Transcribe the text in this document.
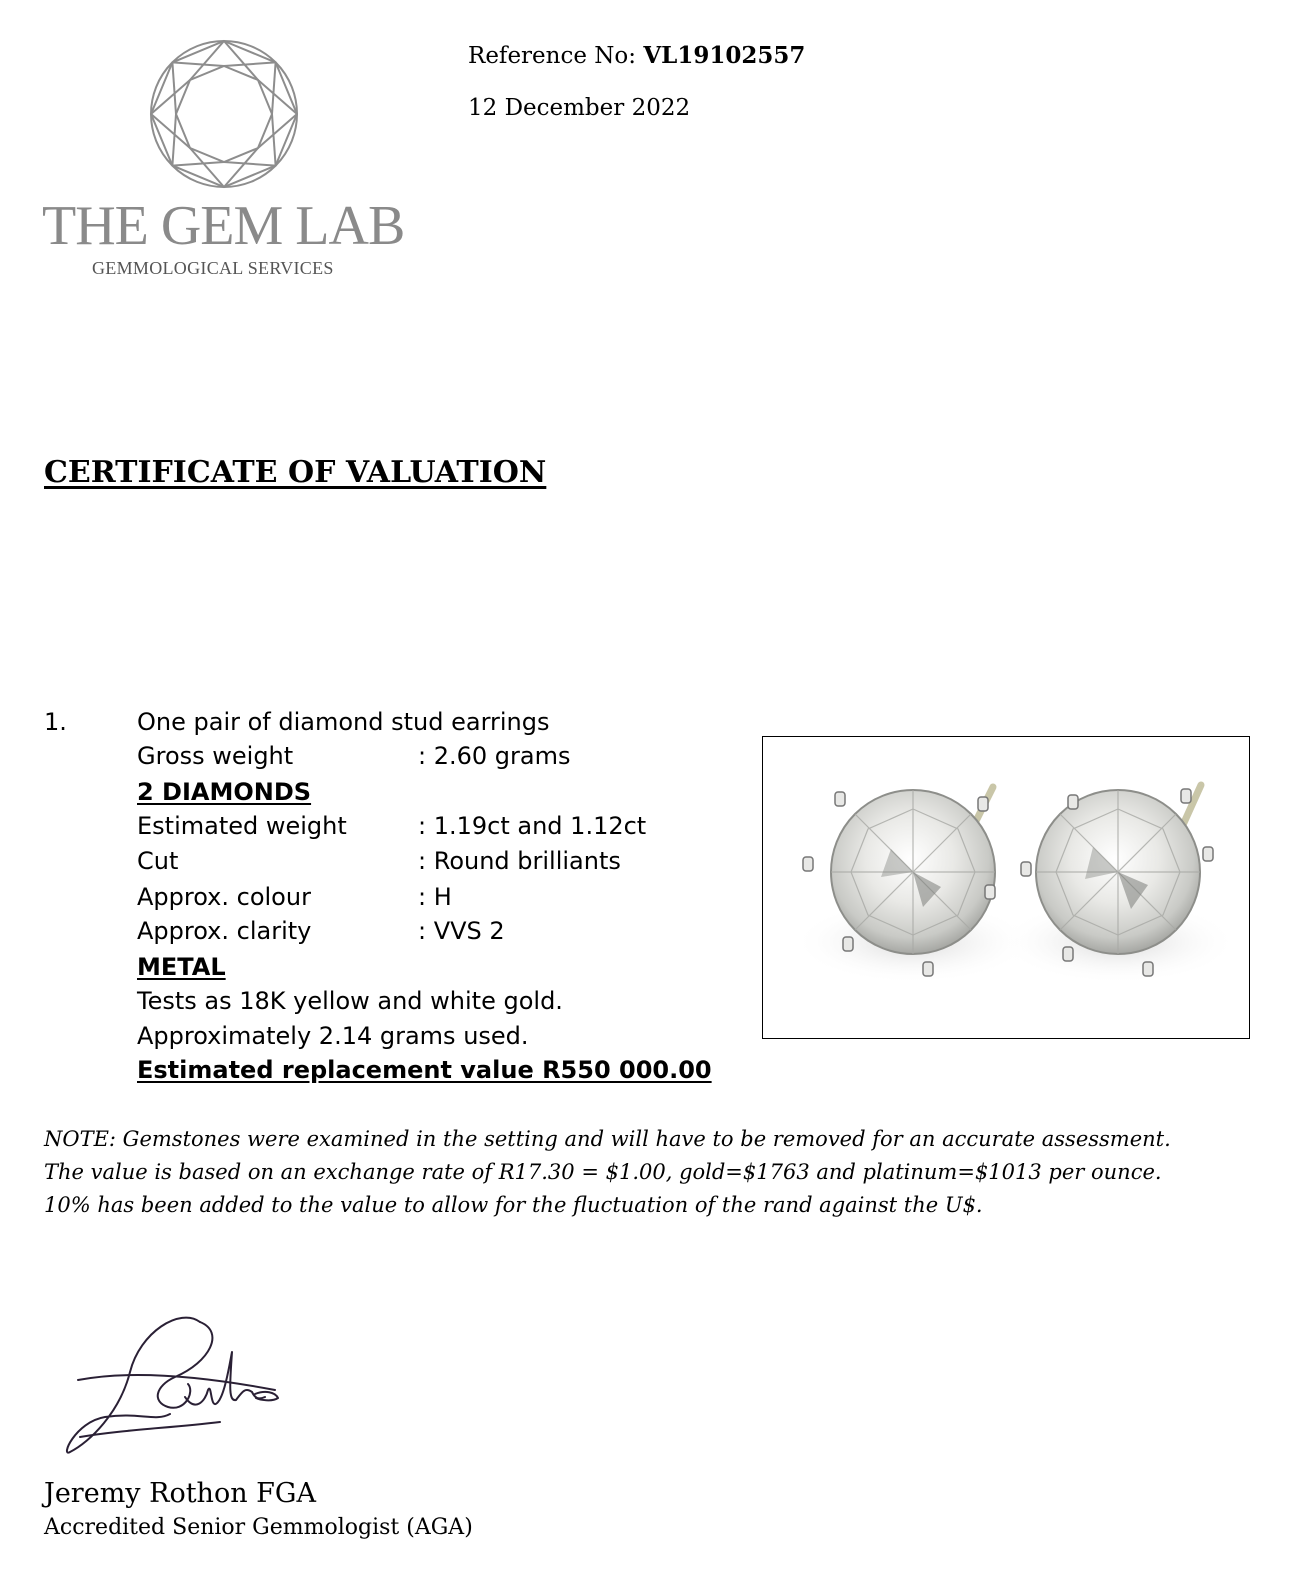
THE GEM LAB
GEMMOLOGICAL SERVICES
Reference No: VL19102557
12 December 2022
CERTIFICATE OF VALUATION
1.	One pair of diamond stud earrings
Gross weight	: 2.60 grams
2 DIAMONDS
Estimated weight	: 1.19ct and 1.12ct
Cut	: Round brilliants
Approx. colour	: H
Approx. clarity	: VVS 2
METAL
Tests as 18K yellow and white gold.
Approximately 2.14 grams used.
Estimated replacement value R550 000.00
NOTE: Gemstones were examined in the setting and will have to be removed for an accurate assessment.
The value is based on an exchange rate of R17.30 = $1.00, gold=$1763 and platinum=$1013 per ounce.
10% has been added to the value to allow for the fluctuation of the rand against the U$.
Jeremy Rothon FGA
Accredited Senior Gemmologist (AGA)
